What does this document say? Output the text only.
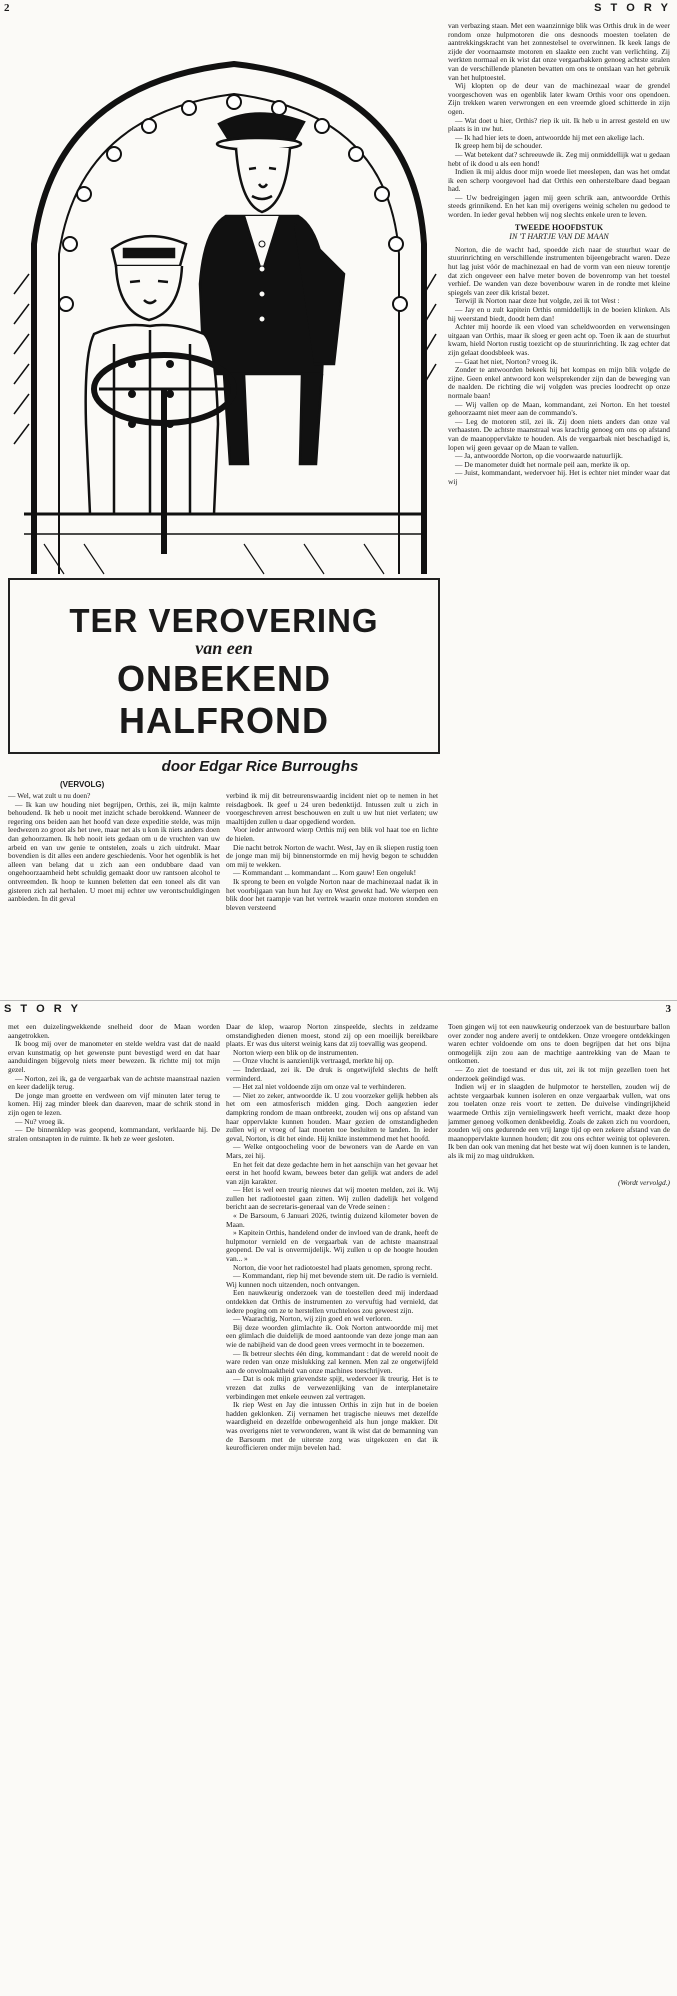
2	S T O R Y
TER VEROVERING
van een
ONBEKEND HALFROND
door Edgar Rice Burroughs
(VERVOLG)

— Wel, wat zult u nu doen?

— Ik kan uw houding niet begrijpen, Orthis, zei ik, mijn kalmte behoudend. Ik heb u nooit met inzicht schade berokkend. Wanneer de regering ons beiden aan het hoofd van deze expeditie stelde, was mijn leedwezen zo groot als het uwe, maar net als u kon ik niets anders doen dan gehoorzamen. Ik heb nooit iets gedaan om u de vruchten van uw arbeid en van uw genie te ontstelen, zoals u zich uitdrukt. Maar bovendien is dit alles een andere geschiedenis. Voor het ogenblik is het alleen van belang dat u zich aan een ondubbare daad van ongehoorzaamheid hebt schuldig gemaakt door uw rantsoen alcohol te ontvreemden. Ik hoop te kunnen beletten dat een toneel als dit van gisteren zich zal herhalen. U moet mij echter uw verontschuldigingen aanbieden. In dit geval

verbind ik mij dit betreurenswaardig incident niet op te nemen in het reisdagboek. Ik geef u 24 uren bedenktijd. Intussen zult u zich in voorgeschreven arrest beschouwen en zult u uw hut niet verlaten; uw maaltijden zullen u daar opgediend worden.

Voor ieder antwoord wierp Orthis mij een blik vol haat toe en lichte de hielen.

Die nacht betrok Norton de wacht. West, Jay en ik sliepen rustig toen de jonge man mij bij binnenstormde en mij hevig begon te schudden om mij te wekken.

— Kommandant ... kommandant ... Kom gauw! Een ongeluk!

Ik sprong te been en volgde Norton naar de machinezaal nadat ik in het voorbijgaan van hun hut Jay en West gewekt had. We wierpen een blik door het raampje van het vertrek waarin onze motoren stonden en bleven versteend

van verbazing staan. Met een waanzinnige blik was Orthis druk in de weer rondom onze hulpmotoren die ons desnoods moesten toelaten de aantrekkingskracht van het zonnestelsel te overwinnen. Ik keek langs de zijde der voornaamste motoren en slaakte een zucht van verlichting. Zij werkten normaal en ik wist dat onze vergaarbakken genoeg achtste stralen van de verschillende planeten bevatten om ons te ontslaan van het gebruik van het hulptoestel.

Wij klopten op de deur van de machinezaal waar de grendel voorgeschoven was en ogenblik later kwam Orthis voor ons opendoen. Zijn trekken waren verwrongen en een vreemde gloed schitterde in zijn ogen.

— Wat doet u hier, Orthis? riep ik uit. Ik heb u in arrest gesteld en uw plaats is in uw hut.

— Ik had hier iets te doen, antwoordde hij met een akelige lach.

Ik greep hem bij de schouder.

— Wat betekent dat? schreeuwde ik. Zeg mij onmiddellijk wat u gedaan hebt of ik dood u als een hond!

Indien ik mij aldus door mijn woede liet meeslepen, dan was het omdat ik een scherp voorgevoel had dat Orthis een onherstelbare daad begaan had.

— Uw bedreigingen jagen mij geen schrik aan, antwoordde Orthis steeds grinnikend. En het kan mij overigens weinig schelen nu gedood te worden. In ieder geval hebben wij nog slechts enkele uren te leven.

TWEEDE HOOFDSTUK
IN 'T HARTJE VAN DE MAAN

Norton, die de wacht had, spoedde zich naar de stuurhut waar de stuurinrichting en verschillende instrumenten bijeengebracht waren. Deze hut lag juist vóór de machinezaal en had de vorm van een nieuw torentje dat zich ongeveer een halve meter boven de bovenromp van het toestel verhief. De wanden van deze bovenbouw waren in de rondte met kleine spiegels van zeer dik kristal bezet.

Terwijl ik Norton naar deze hut volgde, zei ik tot West :

— Jay en u zult kapitein Orthis onmiddellijk in de boeien klinken. Als hij weerstand biedt, doodt hem dan!

Achter mij hoorde ik een vloed van scheldwoorden en verwensingen uitgaan van Orthis, maar ik sloeg er geen acht op. Toen ik aan de stuurhut kwam, hield Norton rustig toezicht op de stuurinrichting. Ik zag echter dat zijn gelaat doodsbleek was.

— Gaat het niet, Norton? vroeg ik.

Zonder te antwoorden bekeek hij het kompas en mijn blik volgde de zijne. Geen enkel antwoord kon welsprekender zijn dan de beweging van de naalden. De richting die wij volgden was precies loodrecht op onze normale baan!

— Wij vallen op de Maan, kommandant, zei Norton. En het toestel gehoorzaamt niet meer aan de commando's.

— Leg de motoren stil, zei ik. Zij doen niets anders dan onze val verhaasten. De achtste maanstraal was krachtig genoeg om ons op afstand van de maanoppervlakte te houden. Als de vergaarbak niet beschadigd is, lopen wij geen gevaar op de Maan te vallen.

— Ja, antwoordde Norton, op die voorwaarde natuurlijk.

— De manometer duidt het normale peil aan, merkte ik op.

— Juist, kommandant, wedervoer hij. Het is echter niet minder waar dat wij

S T O R Y	3

met een duizelingwekkende snelheid door de Maan worden aangetrokken.

Ik boog mij over de manometer en stelde weldra vast dat de naald ervan kunstmatig op het gewenste punt bevestigd werd en dat haar aanduidingen bijgevolg niets meer bewezen. Ik richtte mij tot mijn gezel.

— Norton, zei ik, ga de vergaarbak van de achtste maanstraal nazien en keer dadelijk terug.

De jonge man groette en verdween om vijf minuten later terug te komen. Hij zag minder bleek dan daareven, maar de schrik stond in zijn ogen te lezen.

— Nu? vroeg ik.

— De binnenklep was geopend, kommandant, verklaarde hij. De stralen ontsnapten in de ruimte. Ik heb ze weer gesloten.

Daar de klep, waarop Norton zinspeelde, slechts in zeldzame omstandigheden dienen moest, stond zij op een moeilijk bereikbare plaats. Er was dus uiterst weinig kans dat zij toevallig was geopend.

Norton wierp een blik op de instrumenten.

— Onze vlucht is aanzienlijk vertraagd, merkte hij op.

— Inderdaad, zei ik. De druk is ongetwijfeld slechts de helft verminderd.

— Het zal niet voldoende zijn om onze val te verhinderen.

— Niet zo zeker, antwoordde ik. U zou voorzeker gelijk hebben als het om een atmosferisch midden ging. Doch aangezien ieder dampkring rondom de maan ontbreekt, zouden wij ons op afstand van haar oppervlakte kunnen houden. Maar gezien de omstandigheden zullen wij er vroeg of laat moeten toe besluiten te landen. In ieder geval, Norton, is dit het einde. Hij knikte instemmend met het hoofd.

— Welke ontgoocheling voor de bewoners van de Aarde en van Mars, zei hij.

En het feit dat deze gedachte hem in het aanschijn van het gevaar het eerst in het hoofd kwam, bewees beter dan gelijk wat anders de adel van zijn karakter.

— Het is wel een treurig nieuws dat wij moeten melden, zei ik. Wij zullen het radiotoestel gaan zitten. Wij zullen dadelijk het volgend bericht aan de secretaris-generaal van de Vrede seinen :

« De Barsoum, 6 Januari 2026, twintig duizend kilometer boven de Maan.

» Kapitein Orthis, handelend onder de invloed van de drank, heeft de hulpmotor vernield en de vergaarbak van de achtste maanstraal geopend. De val is onvermijdelijk. Wij zullen u op de hoogte houden van... »

Norton, die voor het radiotoestel had plaats genomen, sprong recht.

— Kommandant, riep hij met bevende stem uit. De radio is vernield. Wij kunnen noch uitzenden, noch ontvangen.

Een nauwkeurig onderzoek van de toestellen deed mij inderdaad ontdekken dat Orthis de instrumenten zo vervuftig had vernield, dat iedere poging om ze te herstellen vruchteloos zou geweest zijn.

— Waarachtig, Norton, wij zijn goed en wel verloren.

Bij deze woorden glimlachte ik. Ook Norton antwoordde mij met een glimlach die duidelijk de moed aantoonde van deze jonge man aan wie de nabijheid van de dood geen vrees vermocht in te boezemen.

— Ik betreur slechts één ding, kommandant : dat de wereld nooit de ware reden van onze mislukking zal kennen. Men zal ze ongetwijfeld aan de onvolmaaktheid van onze machines toeschrijven.

— Dat is ook mijn grievendste spijt, wedervoer ik treurig. Het is te vrezen dat zulks de verwezenlijking van de interplanetaire verbindingen met enkele eeuwen zal vertragen.

Ik riep West en Jay die intussen Orthis in zijn hut in de boeien hadden geklonken. Zij vernamen het tragische nieuws met dezelfde waardigheid en dezelfde onbewogenheid als hun jonge makker. Dit was overigens niet te verwonderen, want ik wist dat de bemanning van de Barsoum met de uiterste zorg was uitgekozen en dat ik keurofficieren onder mijn bevelen had.

Toen gingen wij tot een nauwkeurig onderzoek van de bestuurbare ballon over zonder nog andere averij te ontdekken. Onze vroegere ontdekkingen waren echter voldoende om ons te doen begrijpen dat het ons bijna onmogelijk zijn zou aan de machtige aantrekking van de Maan te ontkomen.

— Zo ziet de toestand er dus uit, zei ik tot mijn gezellen toen het onderzoek geëindigd was.

Indien wij er in slaagden de hulpmotor te herstellen, zouden wij de achtste vergaarbak kunnen isoleren en onze vergaarbak vullen, wat ons zou toelaten onze reis voort te zetten. De duivelse vindingrijkheid waarmede Orthis zijn vernielingswerk heeft verricht, maakt deze hoop jammer genoeg volkomen denkbeeldig. Zoals de zaken zich nu voordoen, zouden wij ons gedurende een vrij lange tijd op een zekere afstand van de maanoppervlakte kunnen houden; dit zou ons echter weinig tot opleveren. Ik ben dan ook van mening dat het beste wat wij doen kunnen is te landen, als ik mij zo mag uitdrukken.

(Wordt vervolgd.)
